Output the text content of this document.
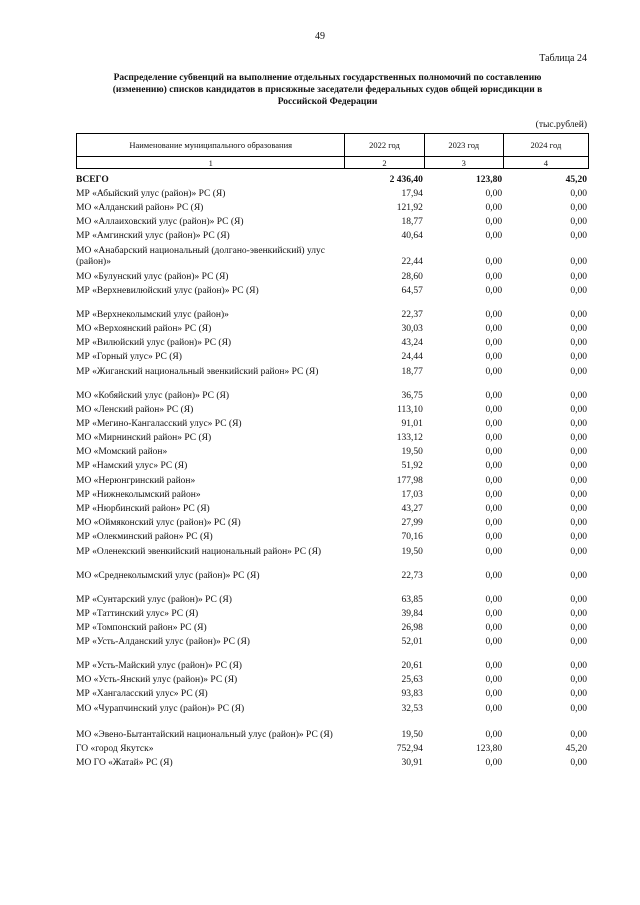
49
Таблица 24
Распределение субвенций на выполнение отдельных государственных полномочий по составлению (изменению) списков кандидатов в присяжные заседатели федеральных судов общей юрисдикции в Российской Федерации
(тыс.рублей)
Наименование муниципального образования	2022 год	2023 год	2024 год
1	2	3	4
ВСЕГО	2 436,40	123,80	45,20
МР «Абыйский улус (район)» РС (Я)	17,94	0,00	0,00
МО «Алданский район» РС (Я)	121,92	0,00	0,00
МО «Аллаиховский улус (район)» РС (Я)	18,77	0,00	0,00
МР «Амгинский улус (район)» РС (Я)	40,64	0,00	0,00
МО «Анабарский национальный (долгано-эвенкийский) улус (район)»	22,44	0,00	0,00
МО «Булунский улус (район)» РС (Я)	28,60	0,00	0,00
МР «Верхневилюйский улус (район)» РС (Я)	64,57	0,00	0,00

МР «Верхнеколымский улус (район)»	22,37	0,00	0,00
МО «Верхоянский район» РС (Я)	30,03	0,00	0,00
МР «Вилюйский улус (район)» РС (Я)	43,24	0,00	0,00
МР «Горный улус» РС (Я)	24,44	0,00	0,00
МР «Жиганский национальный эвенкийский район» РС (Я)	18,77	0,00	0,00

МО «Кобяйский улус (район)» РС (Я)	36,75	0,00	0,00
МО «Ленский район» РС (Я)	113,10	0,00	0,00
МР «Мегино-Кангаласский улус» РС (Я)	91,01	0,00	0,00
МО «Мирнинский район» РС (Я)	133,12	0,00	0,00
МО «Момский район»	19,50	0,00	0,00
МР «Намский улус» РС (Я)	51,92	0,00	0,00
МО «Нерюнгринский район»	177,98	0,00	0,00
МР «Нижнеколымский район»	17,03	0,00	0,00
МР «Нюрбинский район» РС (Я)	43,27	0,00	0,00
МО «Оймяконский улус (район)» РС (Я)	27,99	0,00	0,00
МР «Олекминский район» РС (Я)	70,16	0,00	0,00
МР «Оленекский эвенкийский национальный район» РС (Я)	19,50	0,00	0,00

МО «Среднеколымский улус (район)» РС (Я)	22,73	0,00	0,00

МР «Сунтарский улус (район)» РС (Я)	63,85	0,00	0,00
МР «Таттинский улус» РС (Я)	39,84	0,00	0,00
МР «Томпонский район» РС (Я)	26,98	0,00	0,00
МР «Усть-Алданский улус (район)» РС (Я)	52,01	0,00	0,00

МР «Усть-Майский улус (район)» РС (Я)	20,61	0,00	0,00
МО «Усть-Янский улус (район)» РС (Я)	25,63	0,00	0,00
МР «Хангаласский улус» РС (Я)	93,83	0,00	0,00
МО «Чурапчинский улус (район)» РС (Я)	32,53	0,00	0,00
МО «Эвено-Бытантайский национальный улус (район)» РС (Я)	19,50	0,00	0,00
ГО «город Якутск»	752,94	123,80	45,20
МО ГО «Жатай» РС (Я)	30,91	0,00	0,00
